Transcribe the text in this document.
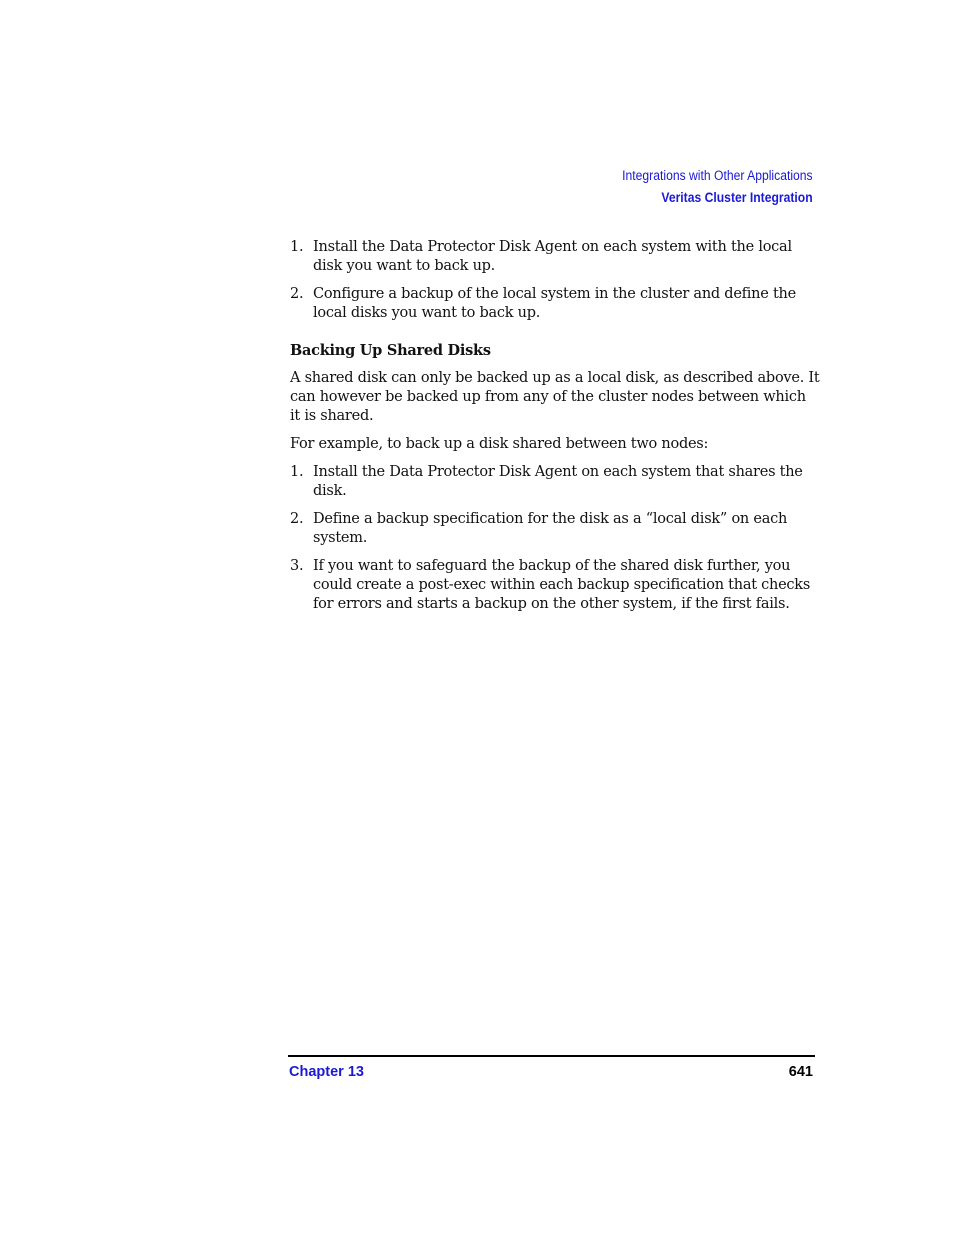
Integrations with Other Applications
Veritas Cluster Integration
1. Install the Data Protector Disk Agent on each system with the local disk you want to back up.
2. Configure a backup of the local system in the cluster and define the local disks you want to back up.
Backing Up Shared Disks

A shared disk can only be backed up as a local disk, as described above. It can however be backed up from any of the cluster nodes between which it is shared.

For example, to back up a disk shared between two nodes:

1. Install the Data Protector Disk Agent on each system that shares the disk.
2. Define a backup specification for the disk as a “local disk” on each system.
3. If you want to safeguard the backup of the shared disk further, you could create a post-exec within each backup specification that checks for errors and starts a backup on the other system, if the first fails.
Chapter 13	641
